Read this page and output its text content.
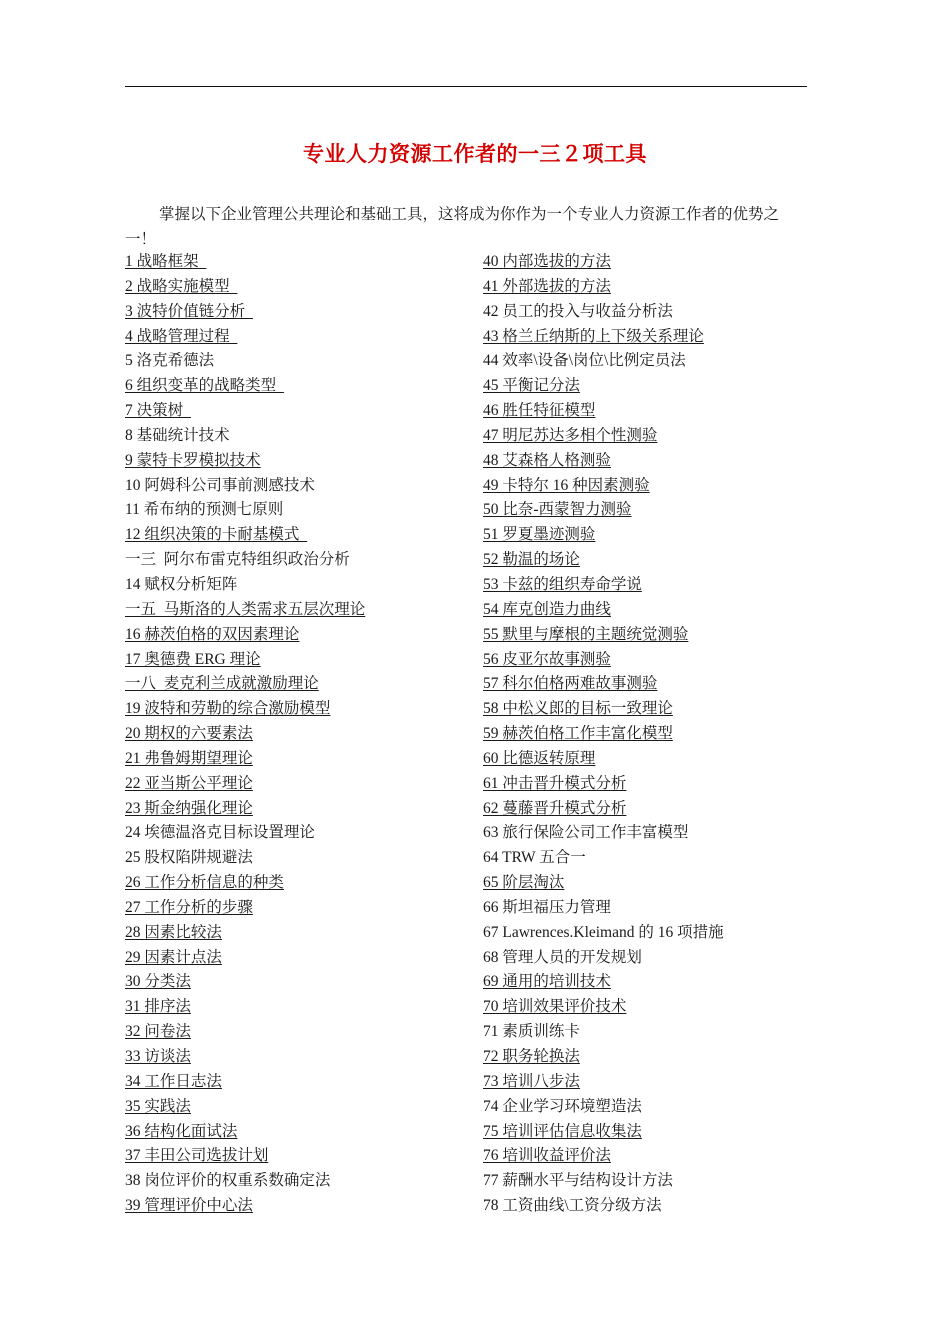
专业人力资源工作者的一三２项工具

掌握以下企业管理公共理论和基础工具，这将成为你作为一个专业人力资源工作者的优势之一！

1 战略框架
2 战略实施模型
3 波特价值链分析
4 战略管理过程
5 洛克希德法
6 组织变革的战略类型
7 决策树
8 基础统计技术
9 蒙特卡罗模拟技术
10 阿姆科公司事前测感技术
11 希布纳的预测七原则
12 组织决策的卡耐基模式
一三  阿尔布雷克特组织政治分析
14 赋权分析矩阵
一五  马斯洛的人类需求五层次理论
16 赫茨伯格的双因素理论
17 奥德费 ERG 理论
一八  麦克利兰成就激励理论
19 波特和劳勒的综合激励模型
20 期权的六要素法
21 弗鲁姆期望理论
22 亚当斯公平理论
23 斯金纳强化理论
24 埃德温洛克目标设置理论
25 股权陷阱规避法
26 工作分析信息的种类
27 工作分析的步骤
28 因素比较法
29 因素计点法
30 分类法
31 排序法
32 问卷法
33 访谈法
34 工作日志法
35 实践法
36 结构化面试法
37 丰田公司选拔计划
38 岗位评价的权重系数确定法
39 管理评价中心法
40 内部选拔的方法
41 外部选拔的方法
42 员工的投入与收益分析法
43 格兰丘纳斯的上下级关系理论
44 效率\设备\岗位\比例定员法
45 平衡记分法
46 胜任特征模型
47 明尼苏达多相个性测验
48 艾森格人格测验
49 卡特尔 16 种因素测验
50 比奈-西蒙智力测验
51 罗夏墨迹测验
52 勒温的场论
53 卡兹的组织寿命学说
54 库克创造力曲线
55 默里与摩根的主题统觉测验
56 皮亚尔故事测验
57 科尔伯格两难故事测验
58 中松义郎的目标一致理论
59 赫茨伯格工作丰富化模型
60 比德返转原理
61 冲击晋升模式分析
62 蔓藤晋升模式分析
63 旅行保险公司工作丰富模型
64 TRW 五合一
65 阶层淘汰
66 斯坦福压力管理
67 Lawrences.Kleimand 的 16 项措施
68 管理人员的开发规划
69 通用的培训技术
70 培训效果评价技术
71 素质训练卡
72 职务轮换法
73 培训八步法
74 企业学习环境塑造法
75 培训评估信息收集法
76 培训收益评价法
77 薪酬水平与结构设计方法
78 工资曲线\工资分级方法
